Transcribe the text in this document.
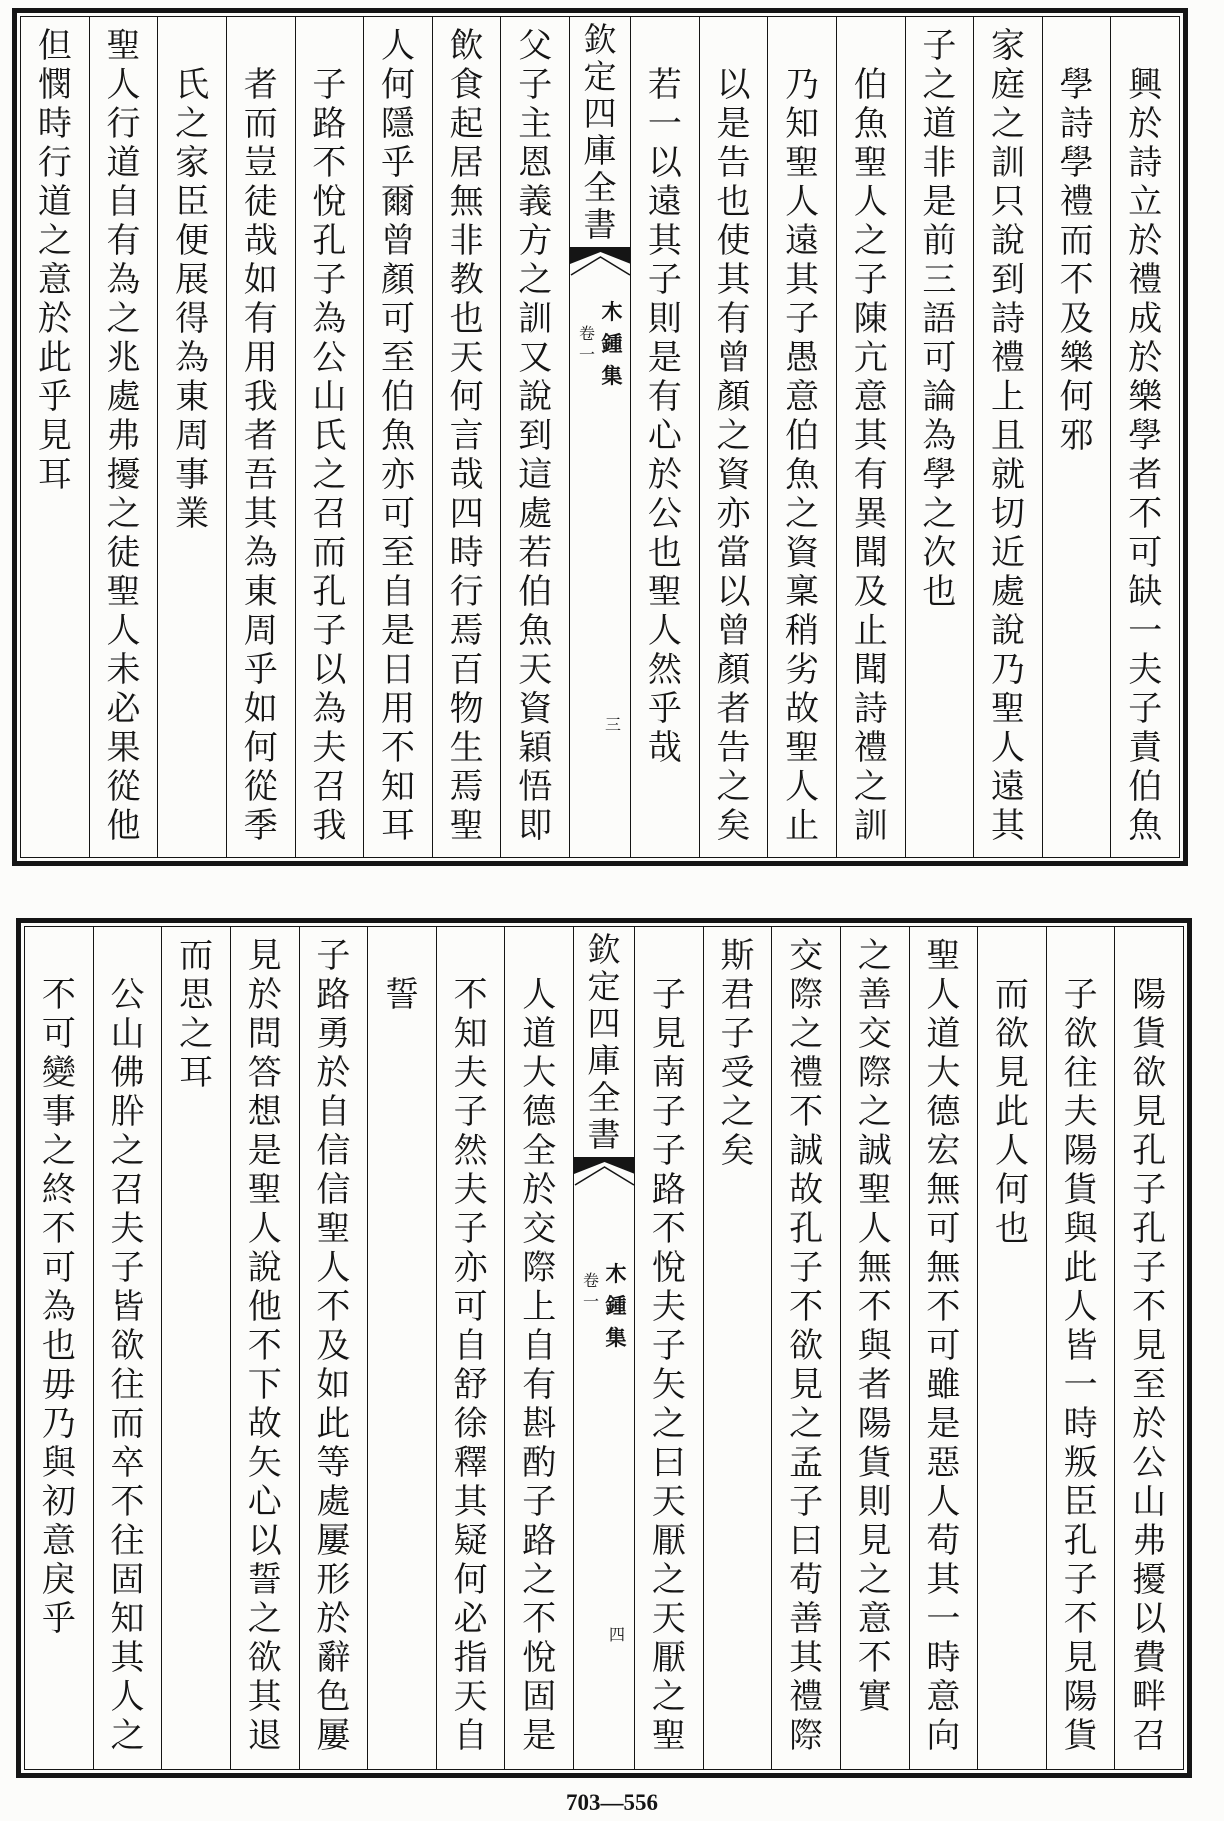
興
於
詩
立
於
禮
成
於
樂
學
者
不
可
缺
一
夫
子
責
伯
魚
學
詩
學
禮
而
不
及
樂
何
邪
家
庭
之
訓
只
說
到
詩
禮
上
且
就
切
近
處
說
乃
聖
人
遠
其
子
之
道
非
是
前
三
語
可
論
為
學
之
次
也
伯
魚
聖
人
之
子
陳
亢
意
其
有
異
聞
及
止
聞
詩
禮
之
訓
乃
知
聖
人
遠
其
子
愚
意
伯
魚
之
資
稟
稍
劣
故
聖
人
止
以
是
告
也
使
其
有
曾
顏
之
資
亦
當
以
曾
顏
者
告
之
矣
若
一
以
遠
其
子
則
是
有
心
於
公
也
聖
人
然
乎
哉
欽
定
四
庫
全
書
木
鍾
集
卷
一
三
父
子
主
恩
義
方
之
訓
又
說
到
這
處
若
伯
魚
天
資
穎
悟
即
飲
食
起
居
無
非
教
也
天
何
言
哉
四
時
行
焉
百
物
生
焉
聖
人
何
隱
乎
爾
曾
顏
可
至
伯
魚
亦
可
至
自
是
日
用
不
知
耳
子
路
不
悅
孔
子
為
公
山
氏
之
召
而
孔
子
以
為
夫
召
我
者
而
豈
徒
哉
如
有
用
我
者
吾
其
為
東
周
乎
如
何
從
季
氏
之
家
臣
便
展
得
為
東
周
事
業
聖
人
行
道
自
有
為
之
兆
處
弗
擾
之
徒
聖
人
未
必
果
從
他
但
憫
時
行
道
之
意
於
此
乎
見
耳
陽
貨
欲
見
孔
子
孔
子
不
見
至
於
公
山
弗
擾
以
費
畔
召
子
欲
往
夫
陽
貨
與
此
人
皆
一
時
叛
臣
孔
子
不
見
陽
貨
而
欲
見
此
人
何
也
聖
人
道
大
德
宏
無
可
無
不
可
雖
是
惡
人
苟
其
一
時
意
向
之
善
交
際
之
誠
聖
人
無
不
與
者
陽
貨
則
見
之
意
不
實
交
際
之
禮
不
誠
故
孔
子
不
欲
見
之
孟
子
曰
苟
善
其
禮
際
斯
君
子
受
之
矣
子
見
南
子
子
路
不
悅
夫
子
矢
之
曰
天
厭
之
天
厭
之
聖
欽
定
四
庫
全
書
木
鍾
集
卷
一
四
人
道
大
德
全
於
交
際
上
自
有
斟
酌
子
路
之
不
悅
固
是
不
知
夫
子
然
夫
子
亦
可
自
舒
徐
釋
其
疑
何
必
指
天
自
誓
子
路
勇
於
自
信
信
聖
人
不
及
如
此
等
處
屢
形
於
辭
色
屢
見
於
問
答
想
是
聖
人
說
他
不
下
故
矢
心
以
誓
之
欲
其
退
而
思
之
耳
公
山
佛
肸
之
召
夫
子
皆
欲
往
而
卒
不
往
固
知
其
人
之
不
可
變
事
之
終
不
可
為
也
毋
乃
與
初
意
戾
乎
703—556
